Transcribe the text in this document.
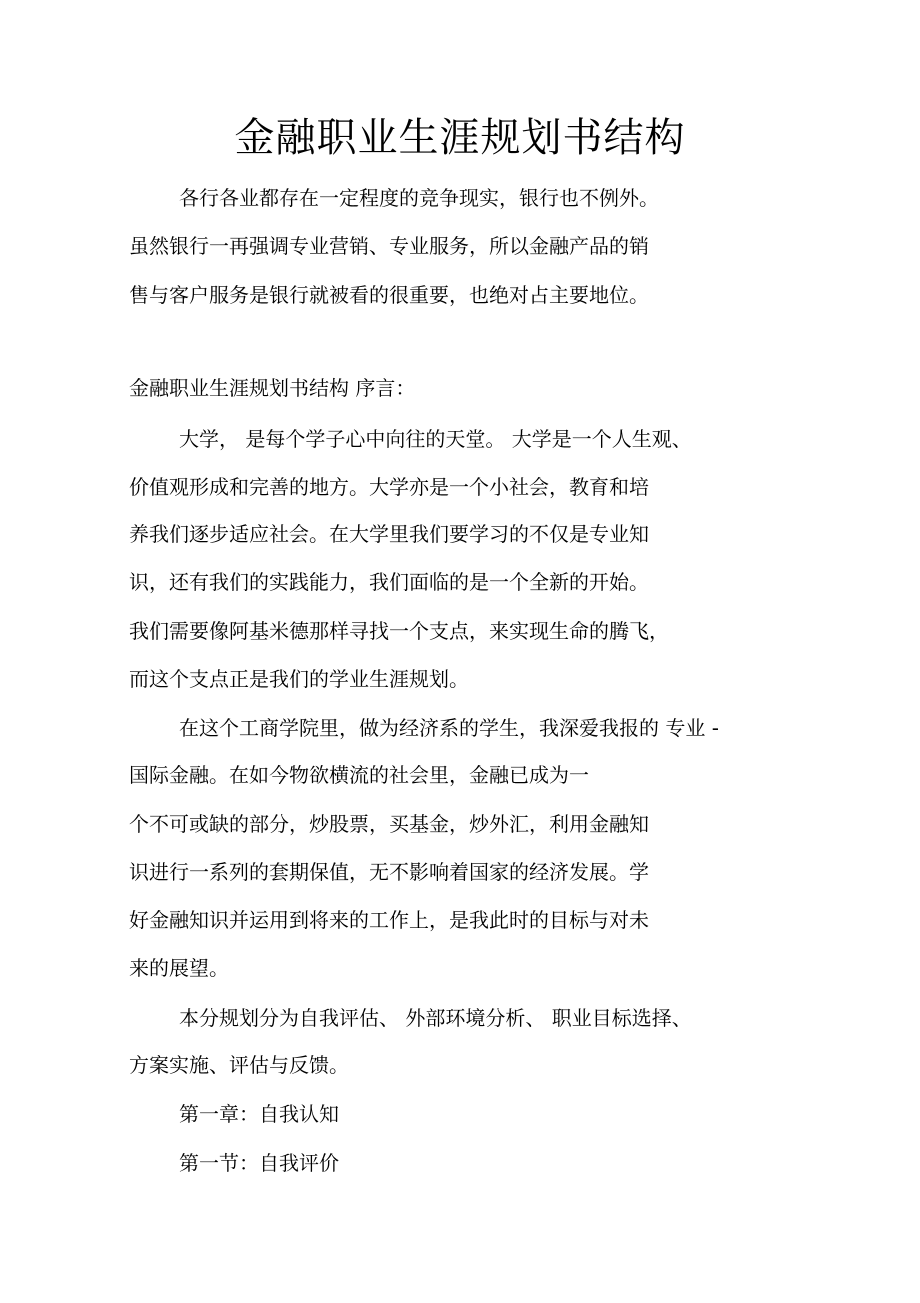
金融职业生涯规划书结构

各行各业都存在一定程度的竞争现实，银行也不例外。

虽然银行一再强调专业营销、专业服务，所以金融产品的销

售与客户服务是银行就被看的很重要，也绝对占主要地位。

金融职业生涯规划书结构 序言：

大学， 是每个学子心中向往的天堂。 大学是一个人生观、

价值观形成和完善的地方。大学亦是一个小社会，教育和培

养我们逐步适应社会。在大学里我们要学习的不仅是专业知

识，还有我们的实践能力，我们面临的是一个全新的开始。

我们需要像阿基米德那样寻找一个支点，来实现生命的腾飞，

而这个支点正是我们的学业生涯规划。

在这个工商学院里，做为经济系的学生，我深爱我报的 专业 -

国际金融。在如今物欲横流的社会里，金融已成为一

个不可或缺的部分，炒股票，买基金，炒外汇，利用金融知

识进行一系列的套期保值，无不影响着国家的经济发展。学

好金融知识并运用到将来的工作上，是我此时的目标与对未

来的展望。

本分规划分为自我评估、 外部环境分析、 职业目标选择、

方案实施、评估与反馈。

第一章：自我认知

第一节：自我评价
